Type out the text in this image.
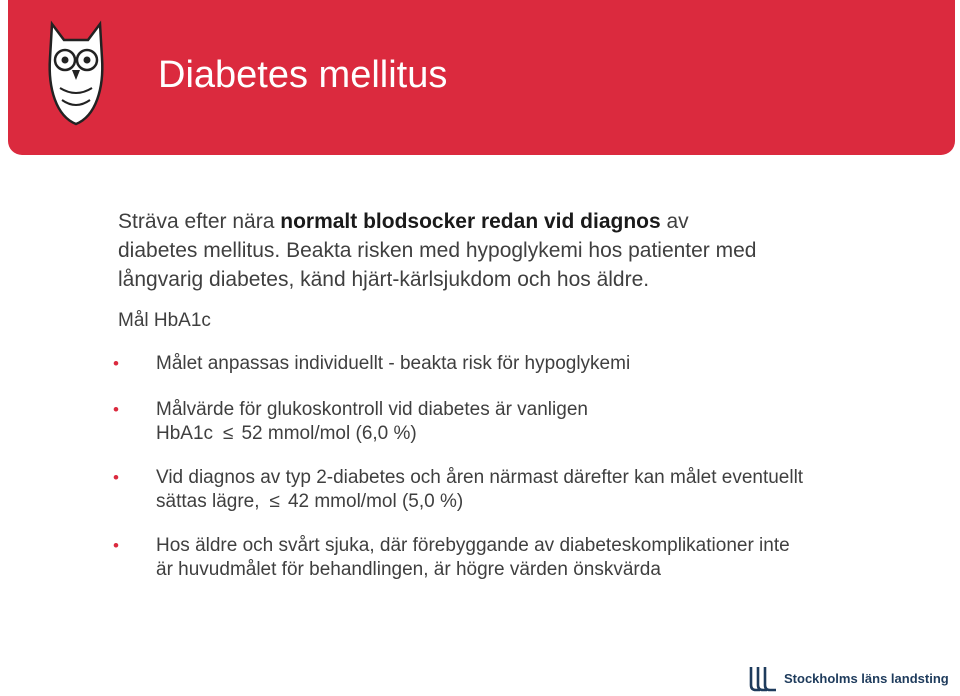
Diabetes mellitus

Sträva efter nära normalt blodsocker redan vid diagnos av
diabetes mellitus. Beakta risken med hypoglykemi hos patienter med
långvarig diabetes, känd hjärt-kärlsjukdom och hos äldre.

Mål HbA1c

• Målet anpassas individuellt - beakta risk för hypoglykemi
• Målvärde för glukoskontroll vid diabetes är vanligen
HbA1c ≤ 52 mmol/mol (6,0 %)
• Vid diagnos av typ 2-diabetes och åren närmast därefter kan målet eventuellt
sättas lägre, ≤ 42 mmol/mol (5,0 %)
• Hos äldre och svårt sjuka, där förebyggande av diabeteskomplikationer inte
är huvudmålet för behandlingen, är högre värden önskvärda
Stockholms läns landsting
